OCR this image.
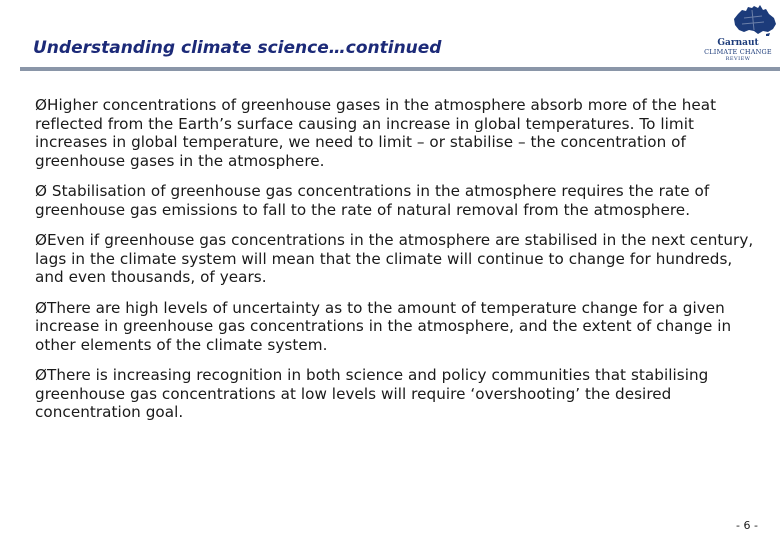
Understanding climate science…continued	Garnaut
CLIMATE CHANGE
REVIEW

ØHigher concentrations of greenhouse gases in the atmosphere absorb more of the heat reflected from the Earth’s surface causing an increase in global temperatures. To limit increases in global temperature, we need to limit – or stabilise – the concentration of greenhouse gases in the atmosphere.

Ø Stabilisation of greenhouse gas concentrations in the atmosphere requires the rate of greenhouse gas emissions to fall to the rate of natural removal from the atmosphere.

ØEven if greenhouse gas concentrations in the atmosphere are stabilised in the next century, lags in the climate system will mean that the climate will continue to change for hundreds, and even thousands, of years.

ØThere are high levels of uncertainty as to the amount of temperature change for a given increase in greenhouse gas concentrations in the atmosphere, and the extent of change in other elements of the climate system.

ØThere is increasing recognition in both science and policy communities that stabilising greenhouse gas concentrations at low levels will require ‘overshooting’ the desired concentration goal.

- 6 -
